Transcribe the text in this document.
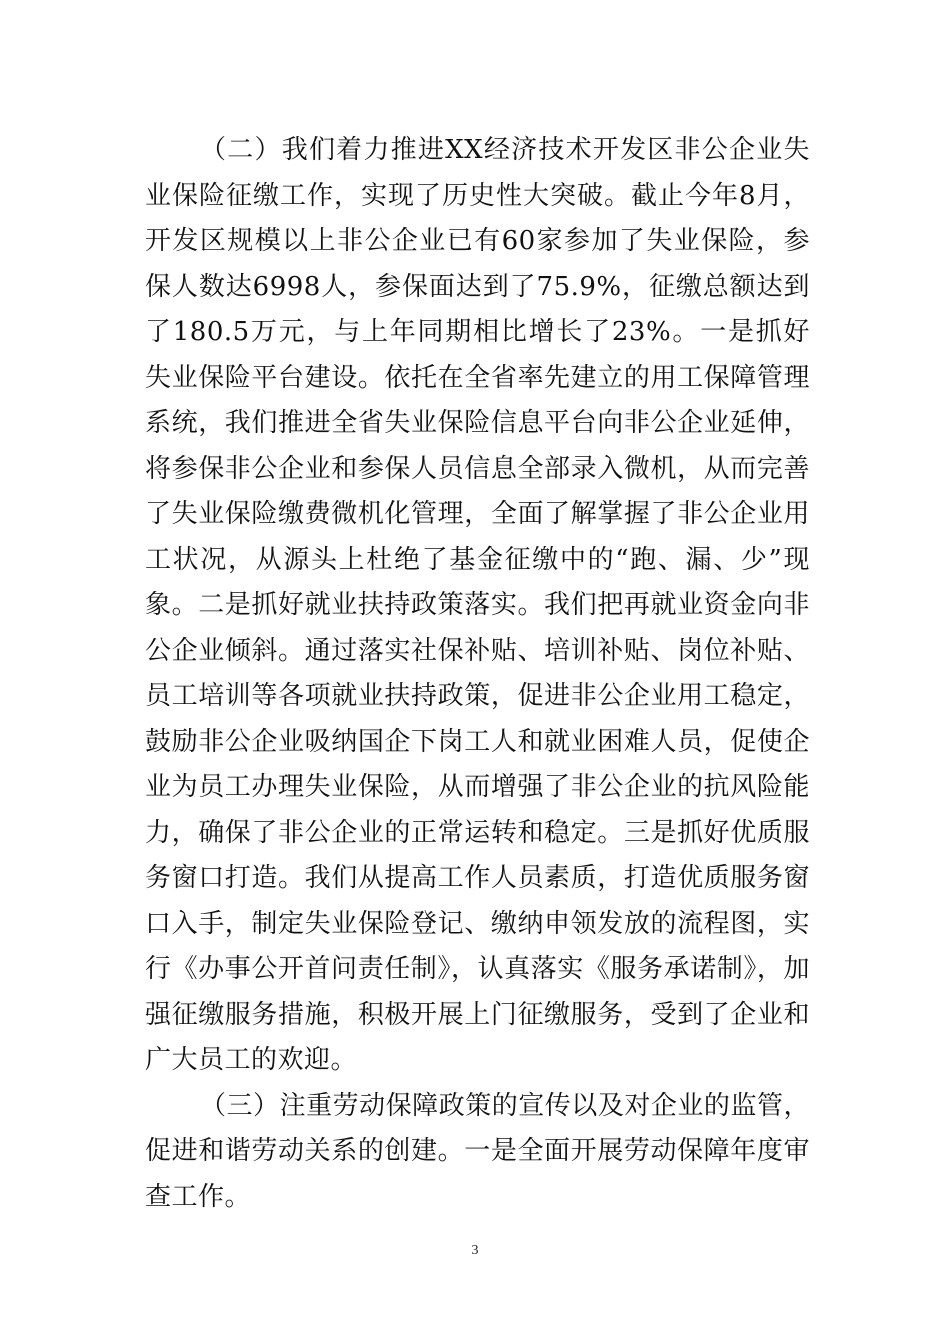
（二）我们着力推进XX经济技术开发区非公企业失业保险征缴工作，实现了历史性大突破。截止今年8月，开发区规模以上非公企业已有60家参加了失业保险，参保人数达6998人，参保面达到了75.9%，征缴总额达到了180.5万元，与上年同期相比增长了23%。一是抓好失业保险平台建设。依托在全省率先建立的用工保障管理系统，我们推进全省失业保险信息平台向非公企业延伸，将参保非公企业和参保人员信息全部录入微机，从而完善了失业保险缴费微机化管理，全面了解掌握了非公企业用工状况，从源头上杜绝了基金征缴中的“跑、漏、少”现象。二是抓好就业扶持政策落实。我们把再就业资金向非公企业倾斜。通过落实社保补贴、培训补贴、岗位补贴、员工培训等各项就业扶持政策，促进非公企业用工稳定，鼓励非公企业吸纳国企下岗工人和就业困难人员，促使企业为员工办理失业保险，从而增强了非公企业的抗风险能力，确保了非公企业的正常运转和稳定。三是抓好优质服务窗口打造。我们从提高工作人员素质，打造优质服务窗口入手，制定失业保险登记、缴纳申领发放的流程图，实行《办事公开首问责任制》，认真落实《服务承诺制》，加强征缴服务措施，积极开展上门征缴服务，受到了企业和广大员工的欢迎。

（三）注重劳动保障政策的宣传以及对企业的监管，促进和谐劳动关系的创建。一是全面开展劳动保障年度审查工作。

3
